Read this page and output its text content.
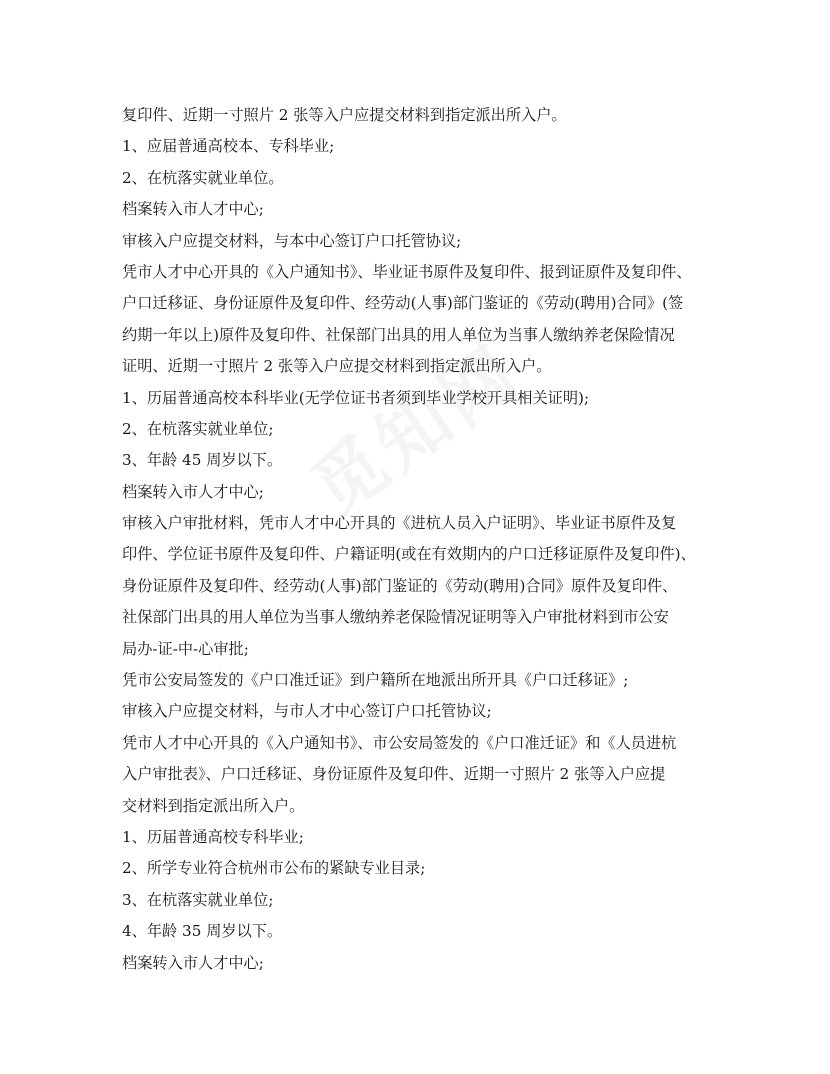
复印件、近期一寸照片 2 张等入户应提交材料到指定派出所入户。
1、应届普通高校本、专科毕业;
2、在杭落实就业单位。
档案转入市人才中心;
审核入户应提交材料，与本中心签订户口托管协议;
凭市人才中心开具的《入户通知书》、毕业证书原件及复印件、报到证原件及复印件、
户口迁移证、身份证原件及复印件、经劳动(人事)部门鉴证的《劳动(聘用)合同》(签
约期一年以上)原件及复印件、社保部门出具的用人单位为当事人缴纳养老保险情况
证明、近期一寸照片 2 张等入户应提交材料到指定派出所入户。
1、历届普通高校本科毕业(无学位证书者须到毕业学校开具相关证明);
2、在杭落实就业单位;
3、年龄 45 周岁以下。
档案转入市人才中心;
审核入户审批材料，凭市人才中心开具的《进杭人员入户证明》、毕业证书原件及复
印件、学位证书原件及复印件、户籍证明(或在有效期内的户口迁移证原件及复印件)、
身份证原件及复印件、经劳动(人事)部门鉴证的《劳动(聘用)合同》原件及复印件、
社保部门出具的用人单位为当事人缴纳养老保险情况证明等入户审批材料到市公安
局办-证-中-心审批;
凭市公安局签发的《户口准迁证》到户籍所在地派出所开具《户口迁移证》;
审核入户应提交材料，与市人才中心签订户口托管协议;
凭市人才中心开具的《入户通知书》、市公安局签发的《户口准迁证》和《人员进杭
入户审批表》、户口迁移证、身份证原件及复印件、近期一寸照片 2 张等入户应提
交材料到指定派出所入户。
1、历届普通高校专科毕业;
2、所学专业符合杭州市公布的紧缺专业目录;
3、在杭落实就业单位;
4、年龄 35 周岁以下。
档案转入市人才中心;
